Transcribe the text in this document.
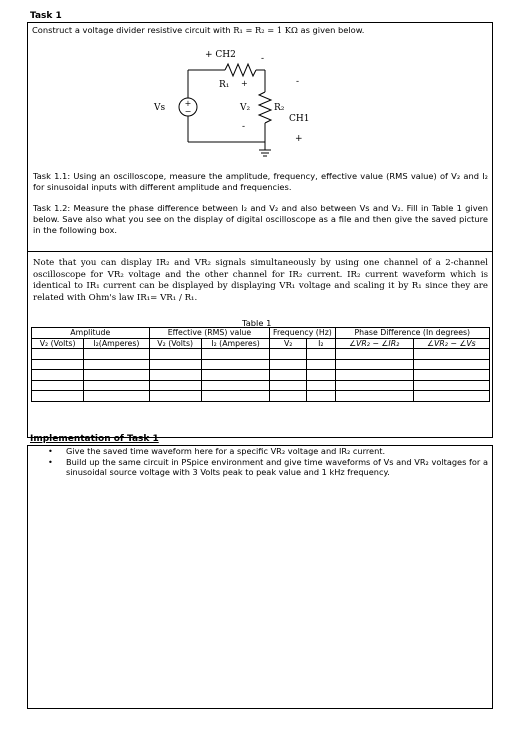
Task 1
Construct a voltage divider resistive circuit with R₁ = R₂ = 1 KΩ as given below.
+
−
+ CH2	-
R₁ +
Vs	V₂	R₂
-
CH1
+
-
Task 1.1: Using an oscilloscope, measure the amplitude, frequency, effective value (RMS value) of V₂ and I₂ for sinusoidal inputs with different amplitude and frequencies.
Task 1.2: Measure the phase difference between I₂ and V₂ and also between Vs and V₂. Fill in Table 1 given below. Save also what you see on the display of digital oscilloscope as a file and then give the saved picture in the following box.
Note that you can display IR₂ and VR₂ signals simultaneously by using one channel of a 2-channel oscilloscope for VR₂ voltage and the other channel for IR₂ current. IR₂ current waveform which is identical to IR₁ current can be displayed by displaying VR₁ voltage and scaling it by R₁ since they are related with Ohm's law IR₁= VR₁ / R₁.
Table 1
Amplitude		Effective (RMS) value		Frequency (Hz)		Phase Difference (In degrees)	
V₂ (Volts)	I₂(Amperes)	V₂ (Volts)	I₂ (Amperes)	V₂	I₂	∠VR₂ − ∠IR₂	∠VR₂ − ∠Vs

Implementation of Task 1
• Give the saved time waveform here for a specific VR₂ voltage and IR₂ current.
• Build up the same circuit in PSpice environment and give time waveforms of Vs and VR₂ voltages for a sinusoidal source voltage with 3 Volts peak to peak value and 1 kHz frequency.
